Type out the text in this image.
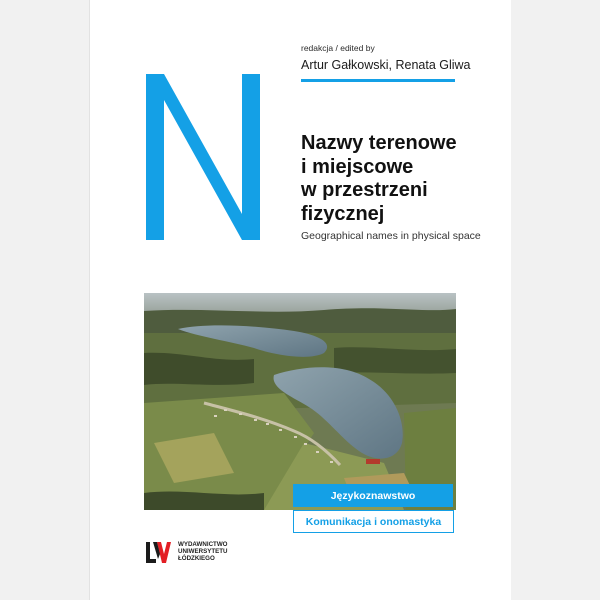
redakcja / edited by
Artur Gałkowski, Renata Gliwa
Nazwy terenowe
i miejscowe
w przestrzeni
fizycznej
Geographical names in physical space
Językoznawstwo
Komunikacja i onomastyka
WYDAWNICTWO
UNIWERSYTETU
ŁÓDZKIEGO
